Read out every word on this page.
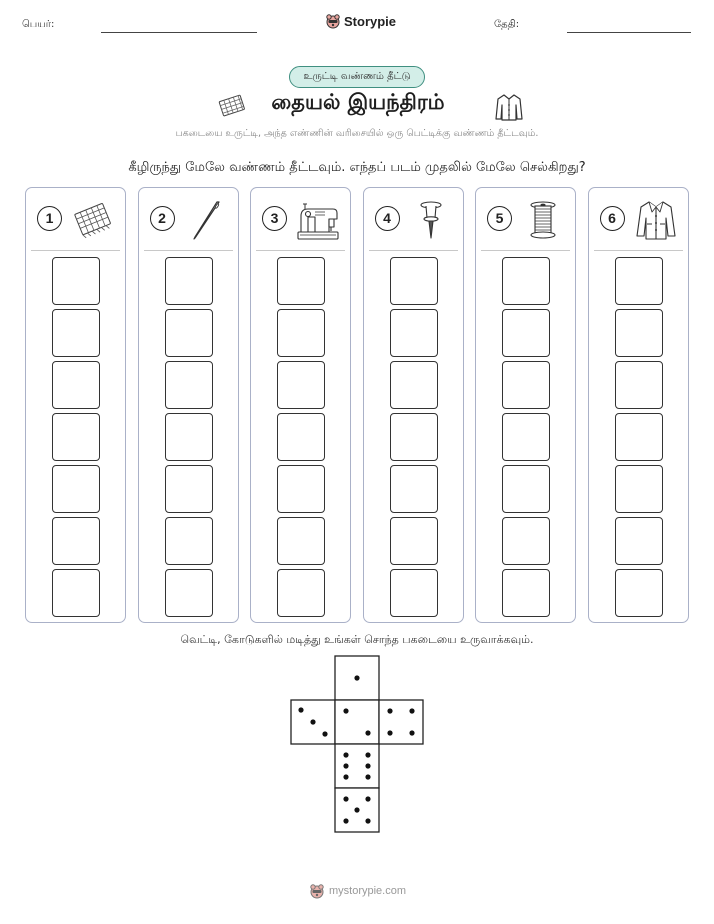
பெயர்:	Storypie	தேதி:
உருட்டி வண்ணம் தீட்டு
தையல் இயந்திரம்
பகடையை உருட்டி, அந்த எண்ணின் வரிசையில் ஒரு பெட்டிக்கு வண்ணம் தீட்டவும்.
கீழிருந்து மேலே வண்ணம் தீட்டவும். எந்தப் படம் முதலில் மேலே செல்கிறது?
1	2	3	4	5	6
வெட்டி, கோடுகளில் மடித்து உங்கள் சொந்த பகடையை உருவாக்கவும்.
mystorypie.com
